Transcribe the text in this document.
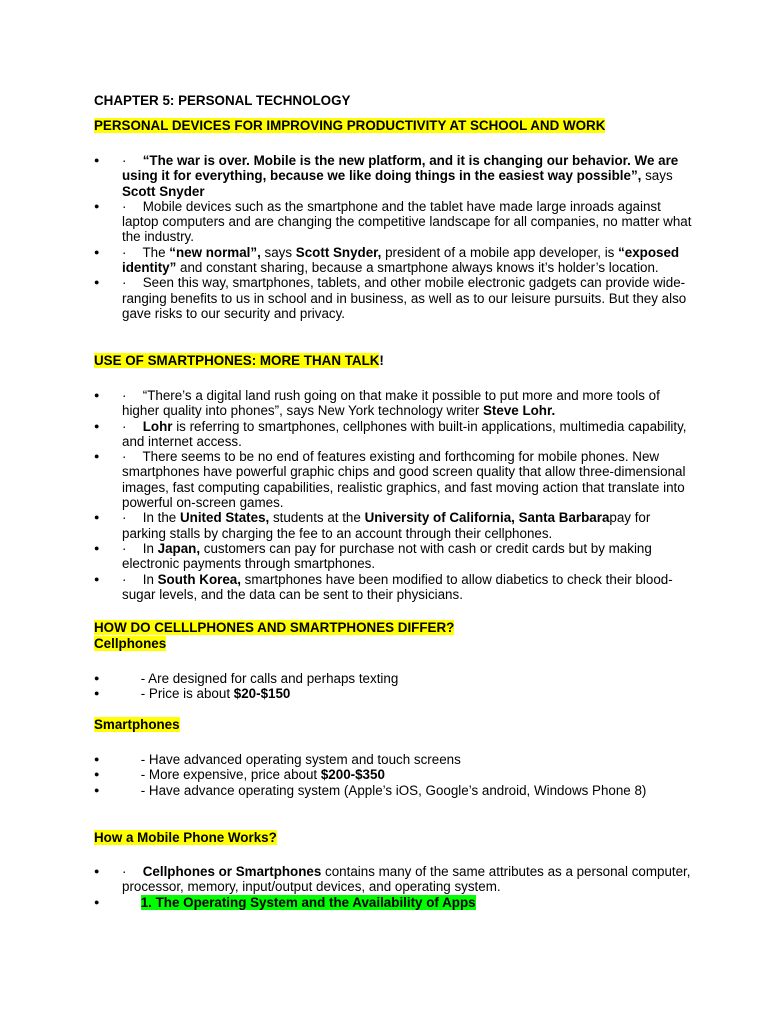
CHAPTER 5: PERSONAL TECHNOLOGY
PERSONAL DEVICES FOR IMPROVING PRODUCTIVITY AT SCHOOL AND WORK
● · “The war is over. Mobile is the new platform, and it is changing our behavior. We are using it for everything, because we like doing things in the easiest way possible”, says Scott Snyder
● · Mobile devices such as the smartphone and the tablet have made large inroads against laptop computers and are changing the competitive landscape for all companies, no matter what the industry.
● · The “new normal”, says Scott Snyder, president of a mobile app developer, is “exposed identity” and constant sharing, because a smartphone always knows it’s holder’s location.
● · Seen this way, smartphones, tablets, and other mobile electronic gadgets can provide wide-ranging benefits to us in school and in business, as well as to our leisure pursuits. But they also gave risks to our security and privacy.
USE OF SMARTPHONES: MORE THAN TALK!
● · “There’s a digital land rush going on that make it possible to put more and more tools of higher quality into phones”, says New York technology writer Steve Lohr.
● · Lohr is referring to smartphones, cellphones with built-in applications, multimedia capability, and internet access.
● · There seems to be no end of features existing and forthcoming for mobile phones. New smartphones have powerful graphic chips and good screen quality that allow three-dimensional images, fast computing capabilities, realistic graphics, and fast moving action that translate into powerful on-screen games.
● · In the United States, students at the University of California, Santa Barbarapay for parking stalls by charging the fee to an account through their cellphones.
● · In Japan, customers can pay for purchase not with cash or credit cards but by making electronic payments through smartphones.
● · In South Korea, smartphones have been modified to allow diabetics to check their blood-sugar levels, and the data can be sent to their physicians.
HOW DO CELLLPHONES AND SMARTPHONES DIFFER?
Cellphones
● - Are designed for calls and perhaps texting
● - Price is about $20-$150
Smartphones
● - Have advanced operating system and touch screens
● - More expensive, price about $200-$350
● - Have advance operating system (Apple’s iOS, Google’s android, Windows Phone 8)
How a Mobile Phone Works?
● · Cellphones or Smartphones contains many of the same attributes as a personal computer, processor, memory, input/output devices, and operating system.
● 1. The Operating System and the Availability of Apps
